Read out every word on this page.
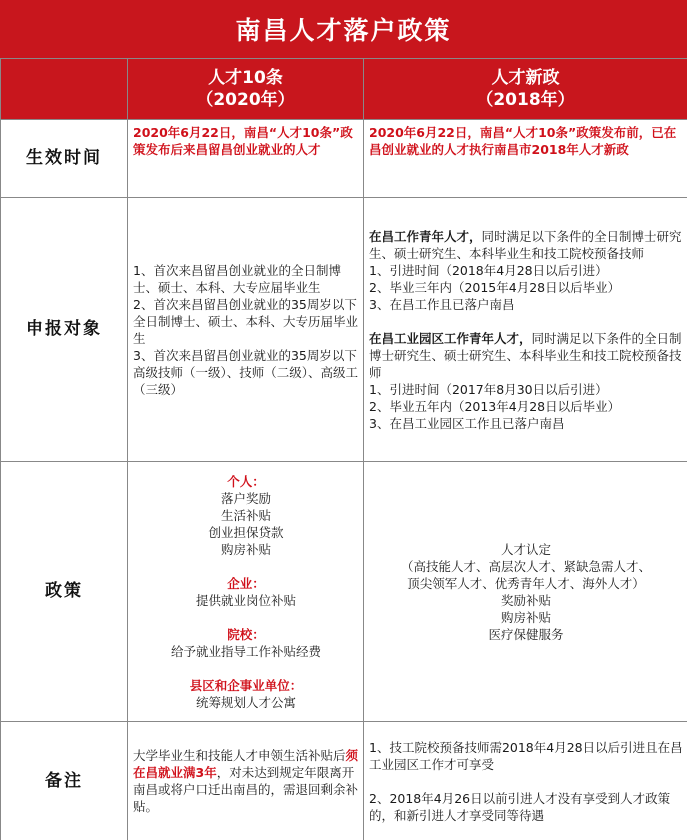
南昌人才落户政策
人才10条
（2020年）
人才新政
（2018年）
生效时间
2020年6月22日，南昌“人才10条”政策发布后来昌留昌创业就业的人才
2020年6月22日，南昌“人才10条”政策发布前，已在昌创业就业的人才执行南昌市2018年人才新政
申报对象
1、首次来昌留昌创业就业的全日制博士、硕士、本科、大专应届毕业生
2、首次来昌留昌创业就业的35周岁以下全日制博士、硕士、本科、大专历届毕业生
3、首次来昌留昌创业就业的35周岁以下高级技师（一级）、技师（二级）、高级工（三级）
在昌工作青年人才，同时满足以下条件的全日制博士研究生、硕士研究生、本科毕业生和技工院校预备技师
1、引进时间（2018年4月28日以后引进）
2、毕业三年内（2015年4月28日以后毕业）
3、在昌工作且已落户南昌
在昌工业园区工作青年人才，同时满足以下条件的全日制博士研究生、硕士研究生、本科毕业生和技工院校预备技师
1、引进时间（2017年8月30日以后引进）
2、毕业五年内（2013年4月28日以后毕业）
3、在昌工业园区工作且已落户南昌
政策
个人：
落户奖励
生活补贴
创业担保贷款
购房补贴
企业：
提供就业岗位补贴
院校：
给予就业指导工作补贴经费
县区和企事业单位：
统筹规划人才公寓
人才认定
（高技能人才、高层次人才、紧缺急需人才、
顶尖领军人才、优秀青年人才、海外人才）
奖励补贴
购房补贴
医疗保健服务
备注
大学毕业生和技能人才申领生活补贴后须在昌就业满3年，对未达到规定年限离开南昌或将户口迁出南昌的，需退回剩余补贴。
1、技工院校预备技师需2018年4月28日以后引进且在昌工业园区工作才可享受
2、2018年4月26日以前引进人才没有享受到人才政策的，和新引进人才享受同等待遇
